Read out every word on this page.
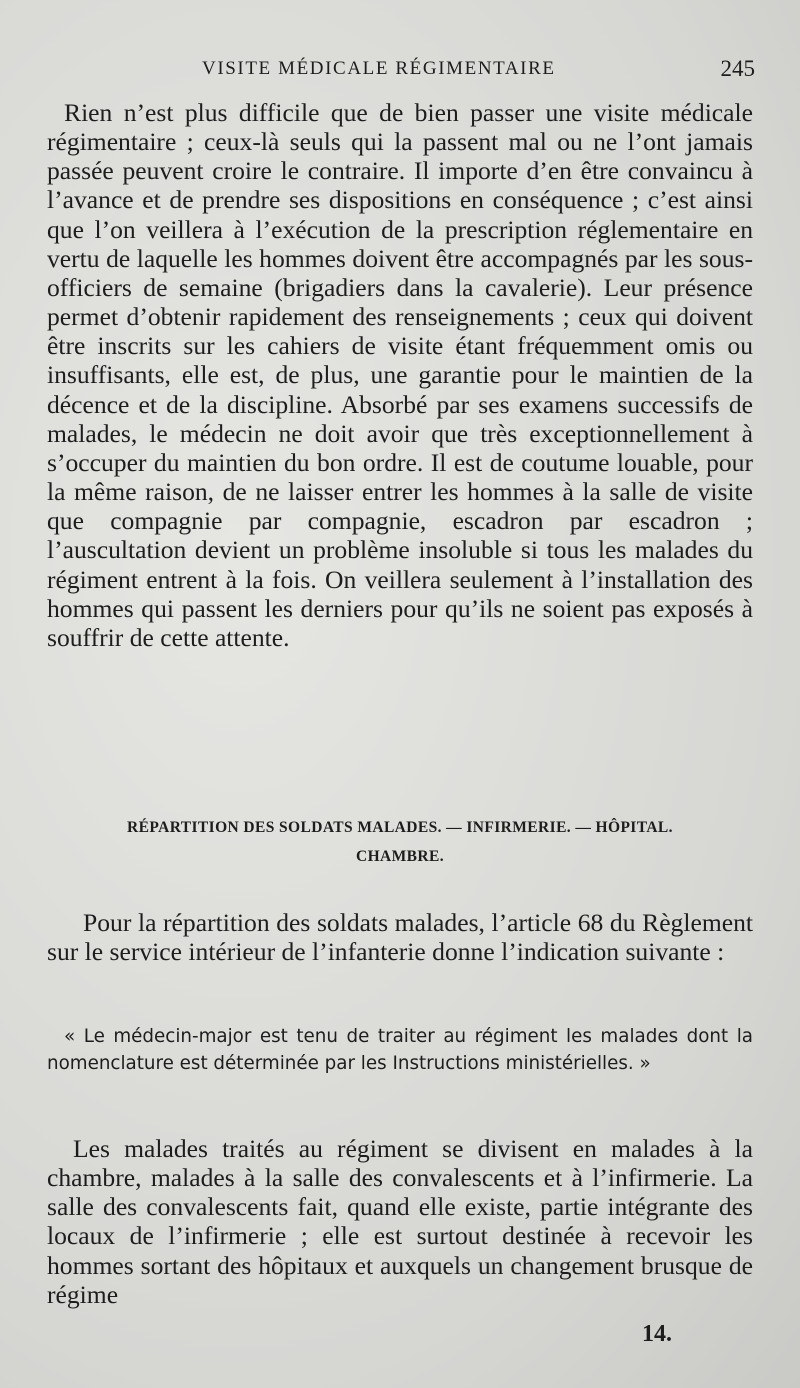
VISITE MÉDICALE RÉGIMENTAIRE	245

Rien n’est plus difficile que de bien passer une visite médicale régimentaire ; ceux-là seuls qui la passent mal ou ne l’ont jamais passée peuvent croire le contraire. Il importe d’en être convaincu à l’avance et de prendre ses dispositions en conséquence ; c’est ainsi que l’on veillera à l’exécution de la prescription réglementaire en vertu de laquelle les hommes doivent être accompagnés par les sous-officiers de semaine (brigadiers dans la cavalerie). Leur présence permet d’obtenir rapidement des renseignements ; ceux qui doivent être inscrits sur les cahiers de visite étant fréquemment omis ou insuffisants, elle est, de plus, une garantie pour le maintien de la décence et de la discipline. Absorbé par ses examens successifs de malades, le médecin ne doit avoir que très exceptionnellement à s’occuper du maintien du bon ordre. Il est de coutume louable, pour la même raison, de ne laisser entrer les hommes à la salle de visite que compagnie par compagnie, escadron par escadron ; l’auscultation devient un problème insoluble si tous les malades du régiment entrent à la fois. On veillera seulement à l’installation des hommes qui passent les derniers pour qu’ils ne soient pas exposés à souffrir de cette attente.

RÉPARTITION DES SOLDATS MALADES. — INFIRMERIE. — HÔPITAL.
CHAMBRE.

Pour la répartition des soldats malades, l’article 68 du Règlement sur le service intérieur de l’infanterie donne l’indication suivante :

« Le médecin-major est tenu de traiter au régiment les malades dont la nomenclature est déterminée par les Instructions ministérielles. »

Les malades traités au régiment se divisent en malades à la chambre, malades à la salle des convalescents et à l’infirmerie. La salle des convalescents fait, quand elle existe, partie intégrante des locaux de l’infirmerie ; elle est surtout destinée à recevoir les hommes sortant des hôpitaux et auxquels un changement brusque de régime

14.
